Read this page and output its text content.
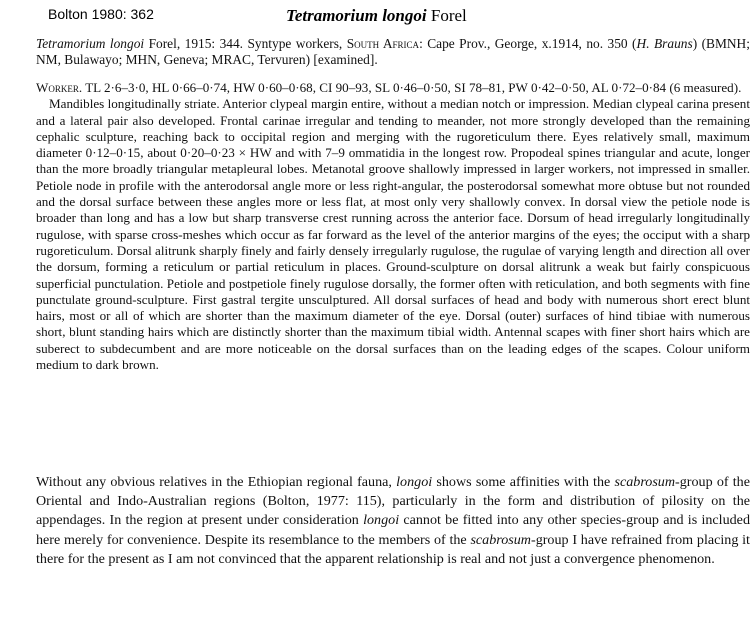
Bolton 1980: 362	Tetramorium longoi Forel
Tetramorium longoi Forel, 1915: 344. Syntype workers, South Africa: Cape Prov., George, x.1914, no. 350 (H. Brauns) (BMNH; NM, Bulawayo; MHN, Geneva; MRAC, Tervuren) [examined].
Worker. TL 2·6–3·0, HL 0·66–0·74, HW 0·60–0·68, CI 90–93, SL 0·46–0·50, SI 78–81, PW 0·42–0·50, AL 0·72–0·84 (6 measured).
Mandibles longitudinally striate. Anterior clypeal margin entire, without a median notch or impression. Median clypeal carina present and a lateral pair also developed. Frontal carinae irregular and tending to meander, not more strongly developed than the remaining cephalic sculpture, reaching back to occipital region and merging with the rugoreticulum there. Eyes relatively small, maximum diameter 0·12–0·15, about 0·20–0·23 × HW and with 7–9 ommatidia in the longest row. Propodeal spines triangular and acute, longer than the more broadly triangular metapleural lobes. Metanotal groove shallowly impressed in larger workers, not impressed in smaller. Petiole node in profile with the anterodorsal angle more or less right-angular, the posterodorsal somewhat more obtuse but not rounded and the dorsal surface between these angles more or less flat, at most only very shallowly convex. In dorsal view the petiole node is broader than long and has a low but sharp transverse crest running across the anterior face. Dorsum of head irregularly longitudinally rugulose, with sparse cross-meshes which occur as far forward as the level of the anterior margins of the eyes; the occiput with a sharp rugoreticulum. Dorsal alitrunk sharply finely and fairly densely irregularly rugulose, the rugulae of varying length and direction all over the dorsum, forming a reticulum or partial reticulum in places. Ground-sculpture on dorsal alitrunk a weak but fairly conspicuous superficial punctulation. Petiole and postpetiole finely rugulose dorsally, the former often with reticulation, and both segments with fine punctulate ground-sculpture. First gastral tergite unsculptured. All dorsal surfaces of head and body with numerous short erect blunt hairs, most or all of which are shorter than the maximum diameter of the eye. Dorsal (outer) surfaces of hind tibiae with numerous short, blunt standing hairs which are distinctly shorter than the maximum tibial width. Antennal scapes with finer short hairs which are suberect to subdecumbent and are more noticeable on the dorsal surfaces than on the leading edges of the scapes. Colour uniform medium to dark brown.
Without any obvious relatives in the Ethiopian regional fauna, longoi shows some affinities with the scabrosum-group of the Oriental and Indo-Australian regions (Bolton, 1977: 115), particularly in the form and distribution of pilosity on the appendages. In the region at present under consideration longoi cannot be fitted into any other species-group and is included here merely for convenience. Despite its resemblance to the members of the scabrosum-group I have refrained from placing it there for the present as I am not convinced that the apparent relationship is real and not just a convergence phenomenon.
